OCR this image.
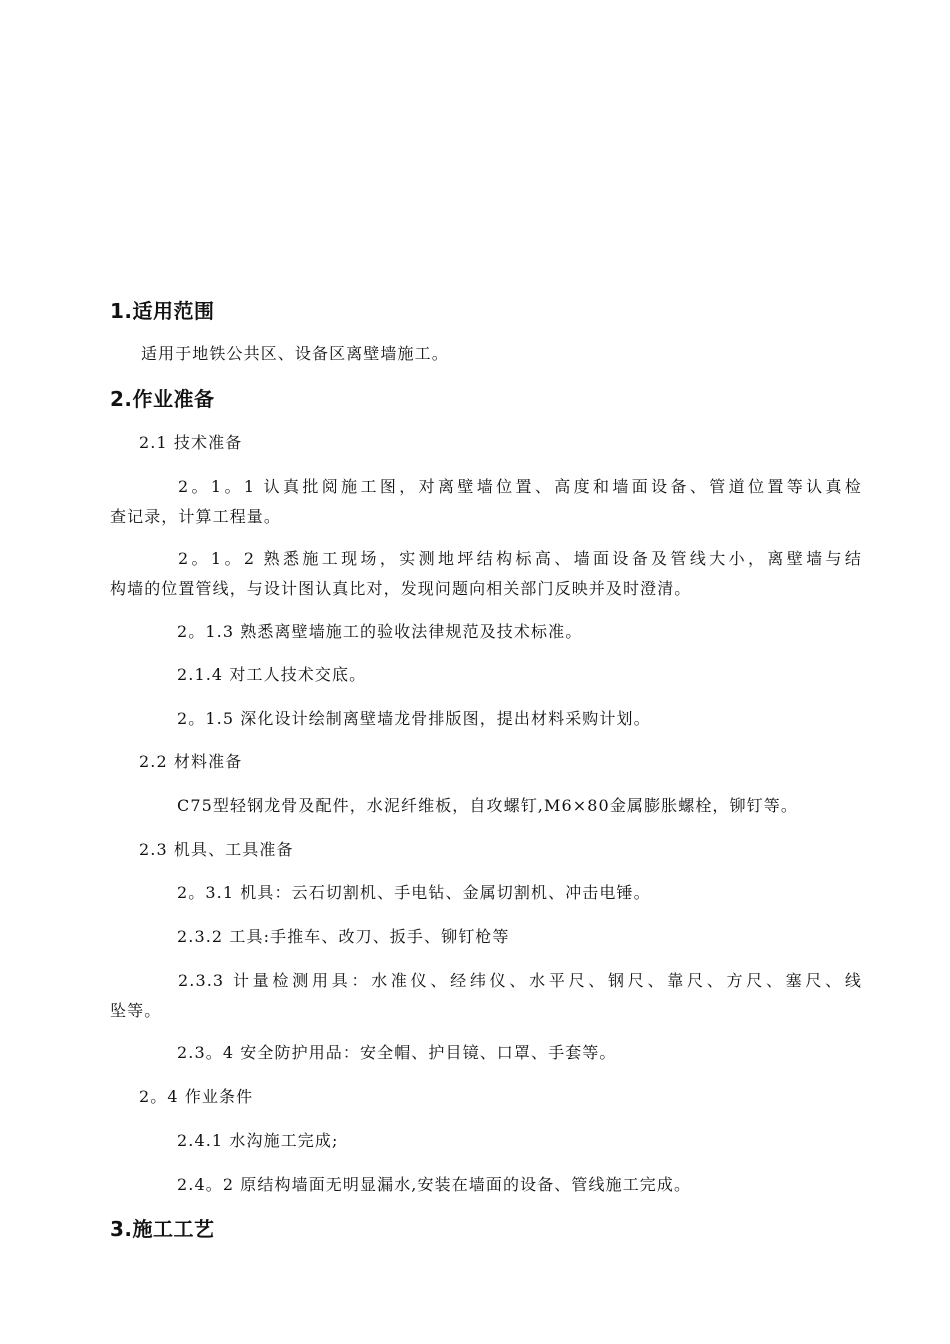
1.适用范围
适用于地铁公共区、设备区离壁墙施工。
2.作业准备
2.1 技术准备
2。1。1 认真批阅施工图，对离壁墙位置、高度和墙面设备、管道位置等认真检
查记录，计算工程量。
2。1。2 熟悉施工现场，实测地坪结构标高、墙面设备及管线大小，离壁墙与结
构墙的位置管线，与设计图认真比对，发现问题向相关部门反映并及时澄清。
2。1.3 熟悉离壁墙施工的验收法律规范及技术标准。
2.1.4 对工人技术交底。
2。1.5 深化设计绘制离壁墙龙骨排版图，提出材料采购计划。
2.2 材料准备
C75型轻钢龙骨及配件，水泥纤维板，自攻螺钉,M6×80金属膨胀螺栓，铆钉等。
2.3 机具、工具准备
2。3.1 机具：云石切割机、手电钻、金属切割机、冲击电锤。
2.3.2 工具:手推车、改刀、扳手、铆钉枪等
2.3.3 计量检测用具：水准仪、经纬仪、水平尺、钢尺、靠尺、方尺、塞尺、线
坠等。
2.3。4 安全防护用品：安全帽、护目镜、口罩、手套等。
2。4 作业条件
2.4.1 水沟施工完成;
2.4。2 原结构墙面无明显漏水,安装在墙面的设备、管线施工完成。
3.施工工艺
